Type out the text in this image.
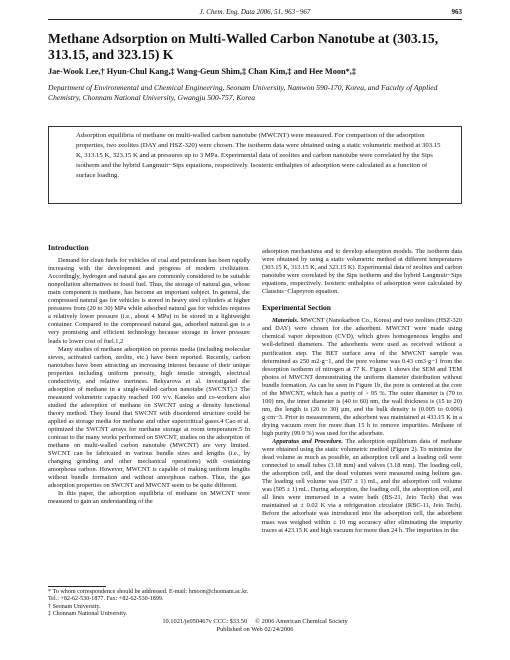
J. Chem. Eng. Data 2006, 51, 963−967	963
Methane Adsorption on Multi-Walled Carbon Nanotube at (303.15, 313.15, and 323.15) K
Jae-Wook Lee,† Hyun-Chul Kang,‡ Wang-Geun Shim,‡ Chan Kim,‡ and Hee Moon*,‡
Department of Environmental and Chemical Engineering, Seonam University, Namwon 590-170, Korea, and Faculty of Applied Chemistry, Chonnam National University, Gwangju 500-757, Korea
Adsorption equilibria of methane on multi-walled carbon nanotube (MWCNT) were measured. For comparison of the adsorption properties, two zeolites (DAY and HSZ-320) were chosen. The isotherm data were obtained using a static volumetric method at 303.15 K, 313.15 K, 323.15 K and at pressures up to 3 MPa. Experimental data of zeolites and carbon nanotube were correlated by the Sips isotherm and the hybrid Langmuir−Sips equations, respectively. Isosteric enthalpies of adsorption were calculated as a function of surface loading.

Introduction

Demand for clean fuels for vehicles of coal and petroleum has been rapidly increasing with the development and progress of modern civilization. Accordingly, hydrogen and natural gas are commonly considered to be suitable nonpollution alternatives to fossil fuel. Thus, the storage of natural gas, whose main component is methane, has become an important subject. In general, the compressed natural gas for vehicles is stored in heavy steel cylinders at higher pressures from (20 to 30) MPa while adsorbed natural gas for vehicles requires a relatively lower pressure (i.e., about 4 MPa) to be stored in a lightweight container. Compared to the compressed natural gas, adsorbed natural gas is a very promising and efficient technology because storage in lower pressure leads to lower cost of fuel.1,2

Many studies of methane adsorption on porous media (including molecular sieves, activated carbon, zeolite, etc.) have been reported. Recently, carbon nanotubes have been attracting an increasing interest because of their unique properties including uniform porosity, high tensile strength, electrical conductivity, and relative inertness. Bekyarova et al. investigated the adsorption of methane in a single-walled carbon nanotube (SWCNT).3 The measured volumetric capacity reached 160 v/v. Kaneko and co-workers also studied the adsorption of methane on SWCNT using a density functional theory method. They found that SWCNT with disordered structure could be applied as storage media for methane and other supercritical gases.4 Cao et al. optimized the SWCNT arrays for methane storage at room temperature.5 In contrast to the many works performed on SWCNT, studies on the adsorption of methane on multi-walled carbon nanotube (MWCNT) are very limited. SWCNT can be fabricated in various bundle sizes and lengths (i.e., by changing grinding and other mechanical operations) with containing amorphous carbon. However, MWCNT is capable of making uniform lengths without bundle formation and without amorphous carbon. Thus, the gas adsorption properties on SWCNT and MWCNT seem to be quite different.

In this paper, the adsorption equilibria of methane on MWCNT were measured to gain an understanding of the

adsorption mechanisms and to develop adsorption models. The isotherm data were obtained by using a static volumetric method at different temperatures (303.15 K, 313.15 K, and 323.15 K). Experimental data of zeolites and carbon nanotube were correlated by the Sips isotherm and the hybrid Langmuir−Sips equations, respectively. Isosteric enthalpies of adsorption were calculated by Clausius−Clapeyron equation.

Experimental Section

Materials. MWCNT (Nanokarbon Co., Korea) and two zeolites (HSZ-320 and DAY) were chosen for the adsorbent. MWCNT were made using chemical vapor deposition (CVD), which gives homogeneous lengths and well-defined diameters. The adsorbents were used as received without a purification step. The BET surface area of the MWCNT sample was determined as 250 m2·g−1, and the pore volume was 0.43 cm3·g−1 from the desorption isotherm of nitrogen at 77 K. Figure 1 shows the SEM and TEM photos of MWCNT demonstrating the uniform diameter distribution without bundle formation. As can be seen in Figure 1b, the pore is centered at the core of the MWCNT, which has a purity of > 95 %. The outer diameter is (70 to 100) nm, the inner diameter is (40 to 60) nm, the wall thickness is (15 to 20) nm, the length is (20 to 30) μm, and the bulk density is (0.005 to 0.006) g·cm−3. Prior to measurement, the adsorbent was maintained at 433.15 K in a drying vacuum oven for more than 15 h to remove impurities. Methane of high purity (99.9 %) was used for the adsorbate.

Apparatus and Procedure. The adsorption equilibrium data of methane were obtained using the static volumetric method (Figure 2). To minimize the dead volume as much as possible, an adsorption cell and a loading cell were connected to small tubes (3.18 mm) and valves (3.18 mm). The loading cell, the adsorption cell, and the dead volumes were measured using helium gas. The loading cell volume was (507 ± 1) mL, and the adsorption cell volume was (505 ± 1) mL. During adsorption, the loading cell, the adsorption cell, and all lines were immersed in a water bath (BS-21, Jeio Tech) that was maintained at ± 0.02 K via a refrigeration circulator (RBC-11, Jeio Tech). Before the adsorbate was introduced into the adsorption cell, the adsorbent mass was weighed within ± 10 mg accuracy after eliminating the impurity traces at 423.15 K and high vacuum for more than 24 h. The impurities in the

* To whom correspondence should be addressed. E-mail: hmoon@chonnam.ac.kr. Tel.: +82-62-530-1877. Fax: +82-62-530-1899.

† Seonam University.

‡ Chonnam National University.

10.1021/je050467v CCC: $33.50     © 2006 American Chemical Society
Published on Web 02/24/2006
